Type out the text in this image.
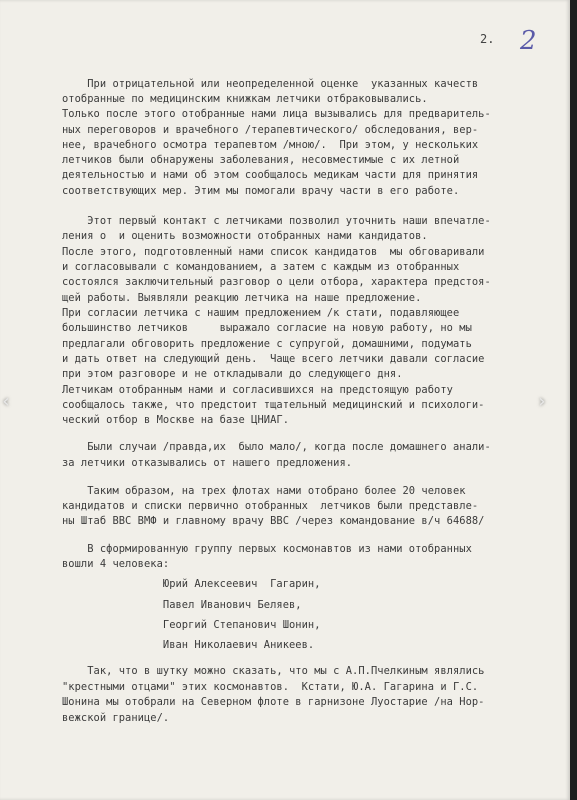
2. 2

При отрицательной или неопределенной оценке  указанных качеств

отобранные по медицинским книжкам летчики отбраковывались.

Только после этого отобранные нами лица вызывались для предваритель-

ных переговоров и врачебного /терапевтического/ обследования, вер-

нее, врачебного осмотра терапевтом /мною/.  При этом, у нескольких

летчиков были обнаружены заболевания, несовместимые с их летной

деятельностью и нами об этом сообщалось медикам части для принятия

соответствующих мер. Этим мы помогали врачу части в его работе.

Этот первый контакт с летчиками позволил уточнить наши впечатле-

ления о  и оценить возможности отобранных нами кандидатов.

После этого, подготовленный нами список кандидатов  мы обговаривали

и согласовывали с командованием, а затем с каждым из отобранных

состоялся заключительный разговор о цели отбора, характера предстоя-

щей работы. Выявляли реакцию летчика на наше предложение.

При согласии летчика с нашим предложением /к стати, подавляющее

большинство летчиков     выражало согласие на новую работу, но мы

предлагали обговорить предложение с супругой, домашними, подумать

и дать ответ на следующий день.  Чаще всего летчики давали согласие

при этом разговоре и не откладывали до следующего дня.

Летчикам отобранным нами и согласившихся на предстоящую работу

сообщалось также, что предстоит тщательный медицинский и психологи-

ческий отбор в Москве на базе ЦНИАГ.

Были случаи /правда,их  было мало/, когда после домашнего анали-

за летчики отказывались от нашего предложения.

Таким образом, на трех флотах нами отобрано более 20 человек

кандидатов и списки первично отобранных  летчиков были представле-

ны Штаб ВВС ВМФ и главному врачу ВВС /через командование в/ч 64688/

В сформированную группу первых космонавтов из нами отобранных

вошли 4 человека:

Юрий Алексеевич  Гагарин,

Павел Иванович Беляев,

Георгий Степанович Шонин,

Иван Николаевич Аникеев.

Так, что в шутку можно сказать, что мы с А.П.Пчелкиным являлись

"крестными отцами" этих космонавтов.  Кстати, Ю.А. Гагарина и Г.С.

Шонина мы отобрали на Северном флоте в гарнизоне Луостарие /на Нор-

вежской границе/.

‹	›
